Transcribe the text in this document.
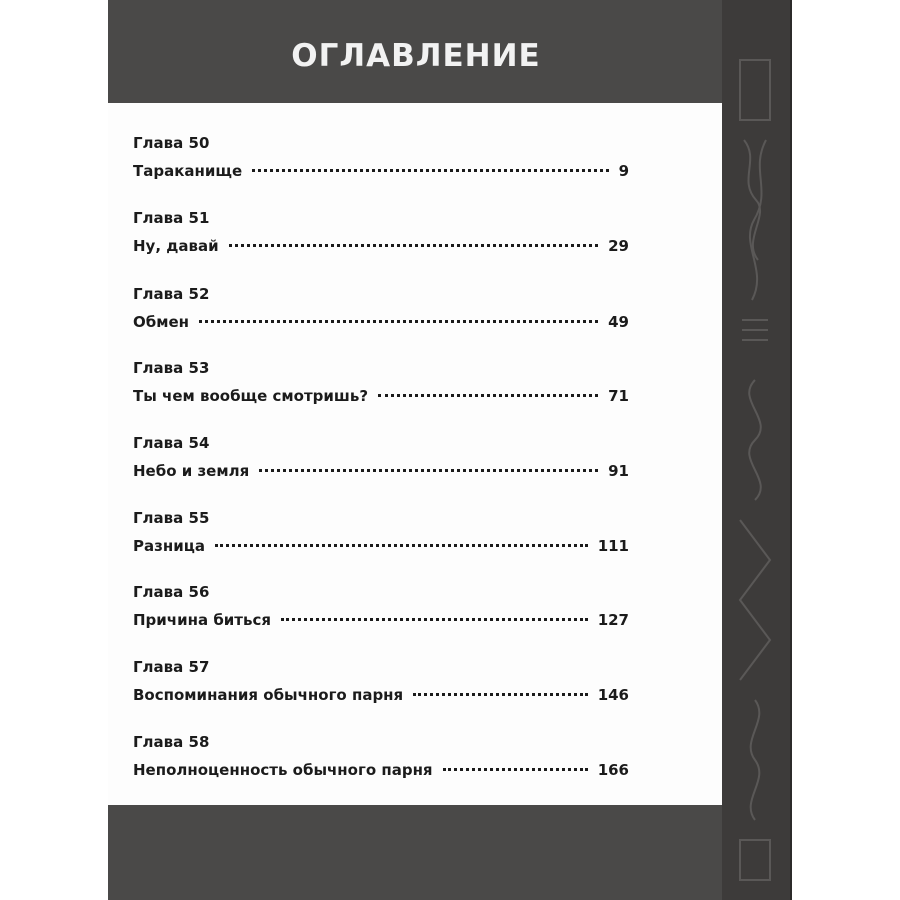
ОГЛАВЛЕНИЕ
Глава 50
Тараканище	9
Глава 51
Ну, давай	29
Глава 52
Обмен	49
Глава 53
Ты чем вообще смотришь?	71
Глава 54
Небо и земля	91
Глава 55
Разница	111
Глава 56
Причина биться	127
Глава 57
Воспоминания обычного парня	146
Глава 58
Неполноценность обычного парня	166
